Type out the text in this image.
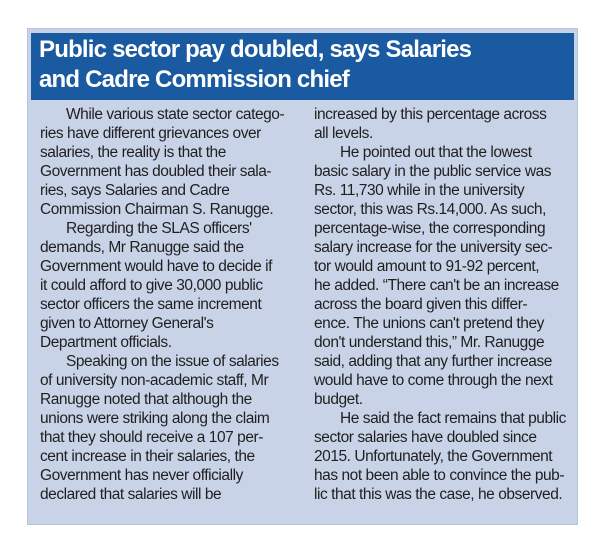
Public sector pay doubled, says Salaries
and Cadre Commission chief

While various state sector catego-
ries have different grievances over
salaries, the reality is that the
Government has doubled their sala-
ries, says Salaries and Cadre
Commission Chairman S. Ranugge.
Regarding the SLAS officers'
demands, Mr Ranugge said the
Government would have to decide if
it could afford to give 30,000 public
sector officers the same increment
given to Attorney General's
Department officials.
Speaking on the issue of salaries
of university non-academic staff, Mr
Ranugge noted that although the
unions were striking along the claim
that they should receive a 107 per-
cent increase in their salaries, the
Government has never officially
declared that salaries will be
increased by this percentage across
all levels.
He pointed out that the lowest
basic salary in the public service was
Rs. 11,730 while in the university
sector, this was Rs.14,000. As such,
percentage-wise, the corresponding
salary increase for the university sec-
tor would amount to 91-92 percent,
he added. “There can't be an increase
across the board given this differ-
ence. The unions can't pretend they
don't understand this,” Mr. Ranugge
said, adding that any further increase
would have to come through the next
budget.
He said the fact remains that public
sector salaries have doubled since
2015. Unfortunately, the Government
has not been able to convince the pub-
lic that this was the case, he observed.
